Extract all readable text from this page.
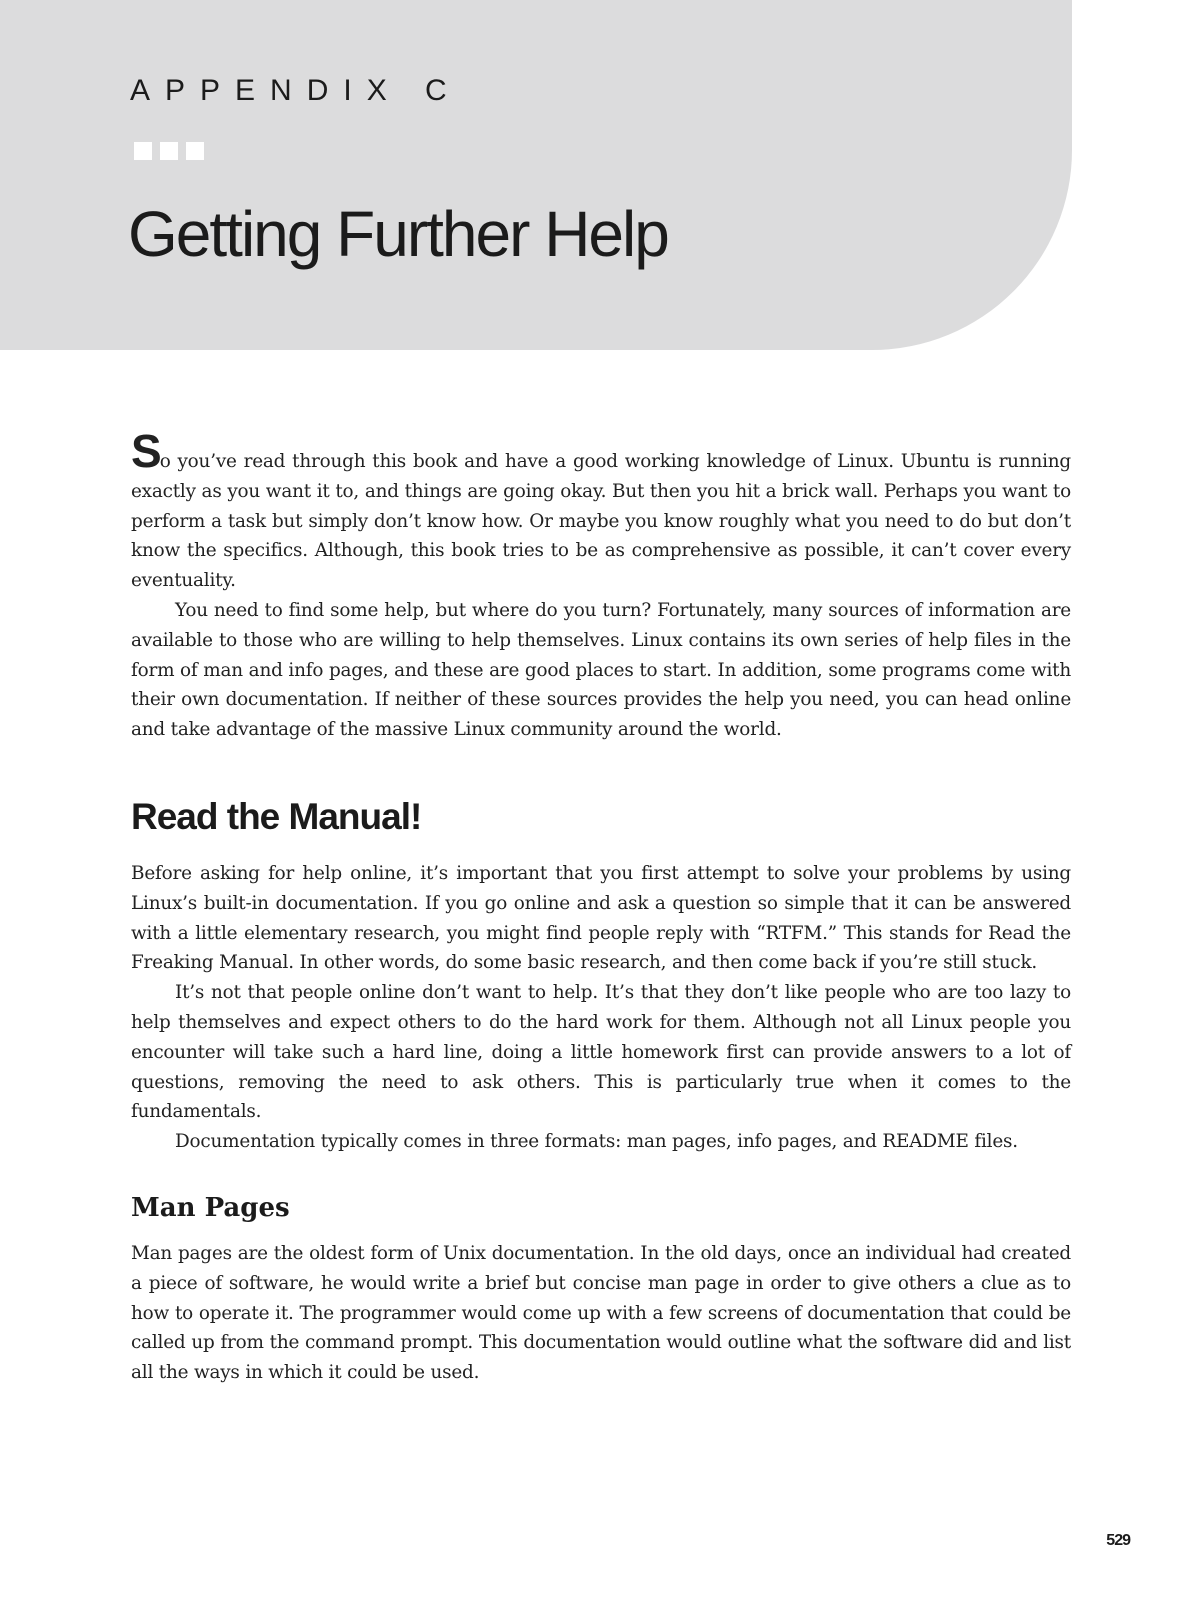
APPENDIX C
Getting Further Help

So you’ve read through this book and have a good working knowledge of Linux. Ubuntu is running exactly as you want it to, and things are going okay. But then you hit a brick wall. Perhaps you want to perform a task but simply don’t know how. Or maybe you know roughly what you need to do but don’t know the specifics. Although, this book tries to be as comprehensive as possible, it can’t cover every eventuality.

You need to find some help, but where do you turn? Fortunately, many sources of information are available to those who are willing to help themselves. Linux contains its own series of help files in the form of man and info pages, and these are good places to start. In addition, some programs come with their own documentation. If neither of these sources provides the help you need, you can head online and take advantage of the massive Linux community around the world.

Read the Manual!

Before asking for help online, it’s important that you first attempt to solve your problems by using Linux’s built-in documentation. If you go online and ask a question so simple that it can be answered with a little elementary research, you might find people reply with “RTFM.” This stands for Read the Freaking Manual. In other words, do some basic research, and then come back if you’re still stuck.

It’s not that people online don’t want to help. It’s that they don’t like people who are too lazy to help themselves and expect others to do the hard work for them. Although not all Linux people you encounter will take such a hard line, doing a little homework first can provide answers to a lot of questions, removing the need to ask others. This is particularly true when it comes to the fundamentals.

Documentation typically comes in three formats: man pages, info pages, and README files.

Man Pages

Man pages are the oldest form of Unix documentation. In the old days, once an individual had created a piece of software, he would write a brief but concise man page in order to give others a clue as to how to operate it. The programmer would come up with a few screens of documentation that could be called up from the command prompt. This documentation would outline what the software did and list all the ways in which it could be used.

529
